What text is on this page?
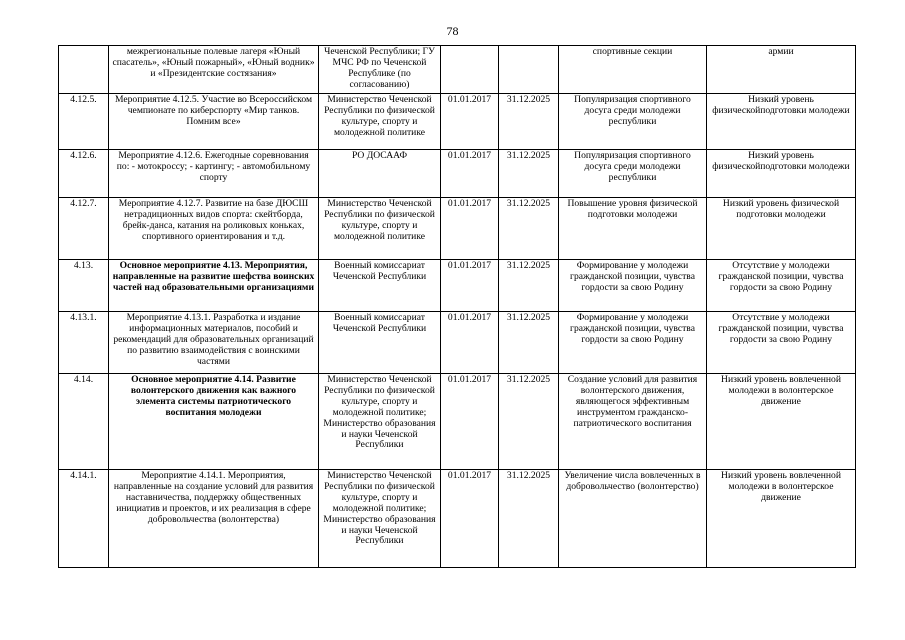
78
	межрегиональные полевые лагеря «Юный спасатель», «Юный пожарный», «Юный водник» и «Президентские состязания»	Чеченской Республики; ГУ МЧС РФ по Чеченской Республике (по согласованию)			спортивные секции	армии
4.12.5.	Мероприятие 4.12.5. Участие во Всероссийском чемпионате по киберспорту «Мир танков. Помним все»	Министерство Чеченской Республики по физической культуре, спорту и молодежной политике	01.01.2017	31.12.2025	Популяризация спортивного досуга среди молодежи республики	Низкий уровень физическойподготовки молодежи
4.12.6.	Мероприятие 4.12.6. Ежегодные соревнования по: - мотокроссу; - картингу; - автомобильному спорту	РО ДОСААФ	01.01.2017	31.12.2025	Популяризация спортивного досуга среди молодежи республики	Низкий уровень физическойподготовки молодежи
4.12.7.	Мероприятие 4.12.7. Развитие на базе ДЮСШ нетрадиционных видов спорта: скейтборда, брейк-данса, катания на роликовых коньках, спортивного ориентирования и т.д.	Министерство Чеченской Республики по физической культуре, спорту и молодежной политике	01.01.2017	31.12.2025	Повышение уровня физической подготовки молодежи	Низкий уровень физической подготовки молодежи
4.13.	Основное мероприятие 4.13. Мероприятия, направленные на развитие шефства воинских частей над образовательными организациями	Военный комиссариат Чеченской Республики	01.01.2017	31.12.2025	Формирование у молодежи гражданской позиции, чувства гордости за свою Родину	Отсутствие у молодежи гражданской позиции, чувства гордости за свою Родину
4.13.1.	Мероприятие 4.13.1. Разработка и издание информационных материалов, пособий и рекомендаций для образовательных организаций по развитию взаимодействия с воинскими частями	Военный комиссариат Чеченской Республики	01.01.2017	31.12.2025	Формирование у молодежи гражданской позиции, чувства гордости за свою Родину	Отсутствие у молодежи гражданской позиции, чувства гордости за свою Родину
4.14.	Основное мероприятие 4.14. Развитие волонтерского движения как важного элемента системы патриотического воспитания молодежи	Министерство Чеченской Республики по физической культуре, спорту и молодежной политике; Министерство образования и науки Чеченской Республики	01.01.2017	31.12.2025	Создание условий для развития волонтерского движения, являющегося эффективным инструментом гражданско-патриотического воспитания	Низкий уровень вовлеченной молодежи в волонтерское движение
4.14.1.	Мероприятие 4.14.1. Мероприятия, направленные на создание условий для развития наставничества, поддержку общественных инициатив и проектов, и их реализация в сфере добровольчества (волонтерства)	Министерство Чеченской Республики по физической культуре, спорту и молодежной политике; Министерство образования и науки Чеченской Республики	01.01.2017	31.12.2025	Увеличение числа вовлеченных в добровольчество (волонтерство)	Низкий уровень вовлеченной молодежи в волонтерское движение
